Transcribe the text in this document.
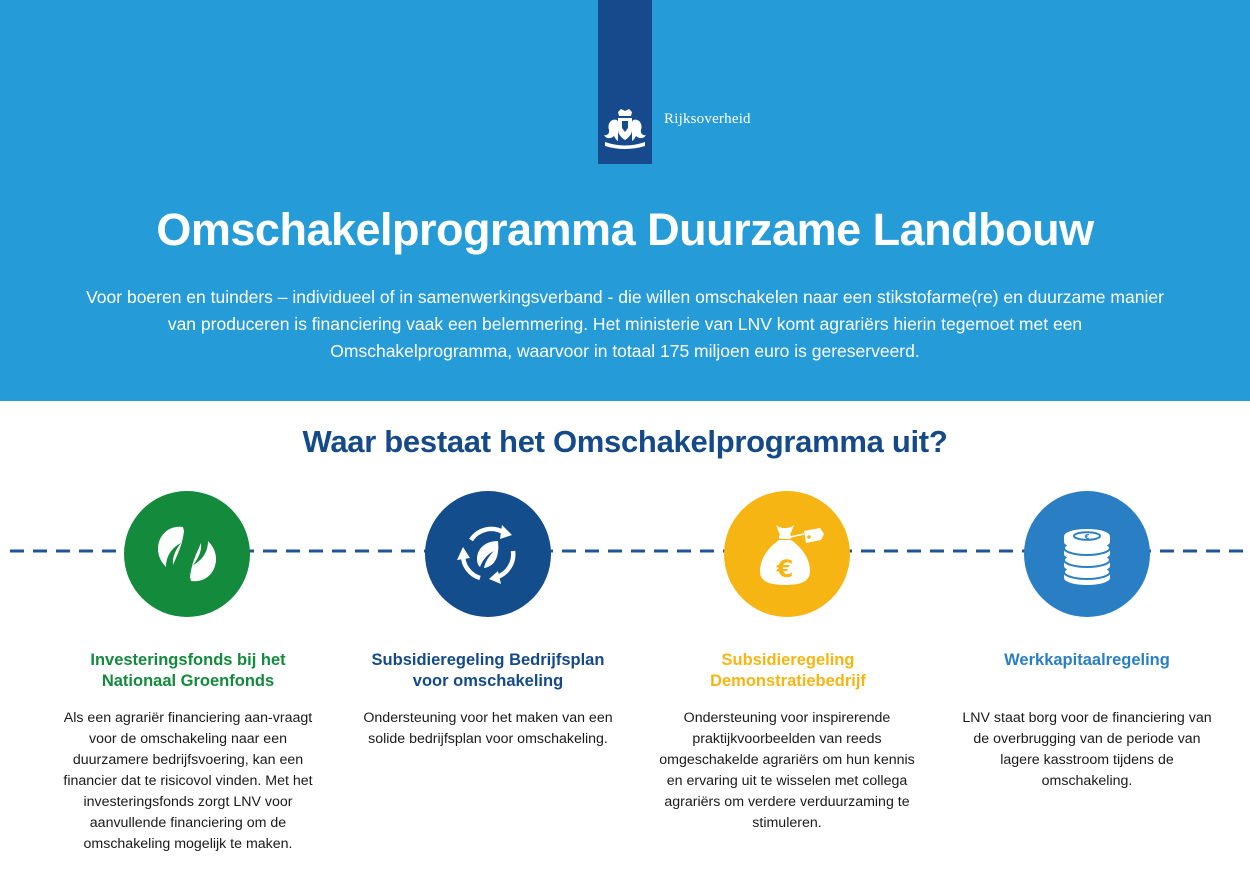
Rijksoverheid
Omschakelprogramma Duurzame Landbouw

Voor boeren en tuinders – individueel of in samenwerkingsverband - die willen omschakelen naar een stikstofarme(re) en duurzame manier van produceren is financiering vaak een belemmering. Het ministerie van LNV komt agrariërs hierin tegemoet met een Omschakelprogramma, waarvoor in totaal 175 miljoen euro is gereserveerd.

Waar bestaat het Omschakelprogramma uit?
€
€
Investeringsfonds bij het
Nationaal Groenfonds
Subsidieregeling Bedrijfsplan
voor omschakeling
Subsidieregeling
Demonstratiebedrijf
Werkkapitaalregeling

Als een agrariër financiering aan-vraagt voor de omschakeling naar een duurzamere bedrijfsvoering, kan een financier dat te risicovol vinden. Met het investeringsfonds zorgt LNV voor aanvullende financiering om de omschakeling mogelijk te maken.

Ondersteuning voor het maken van een solide bedrijfsplan voor omschakeling.

Ondersteuning voor inspirerende praktijkvoorbeelden van reeds omgeschakelde agrariërs om hun kennis en ervaring uit te wisselen met collega agrariërs om verdere verduurzaming te stimuleren.

LNV staat borg voor de financiering van de overbrugging van de periode van lagere kasstroom tijdens de omschakeling.
